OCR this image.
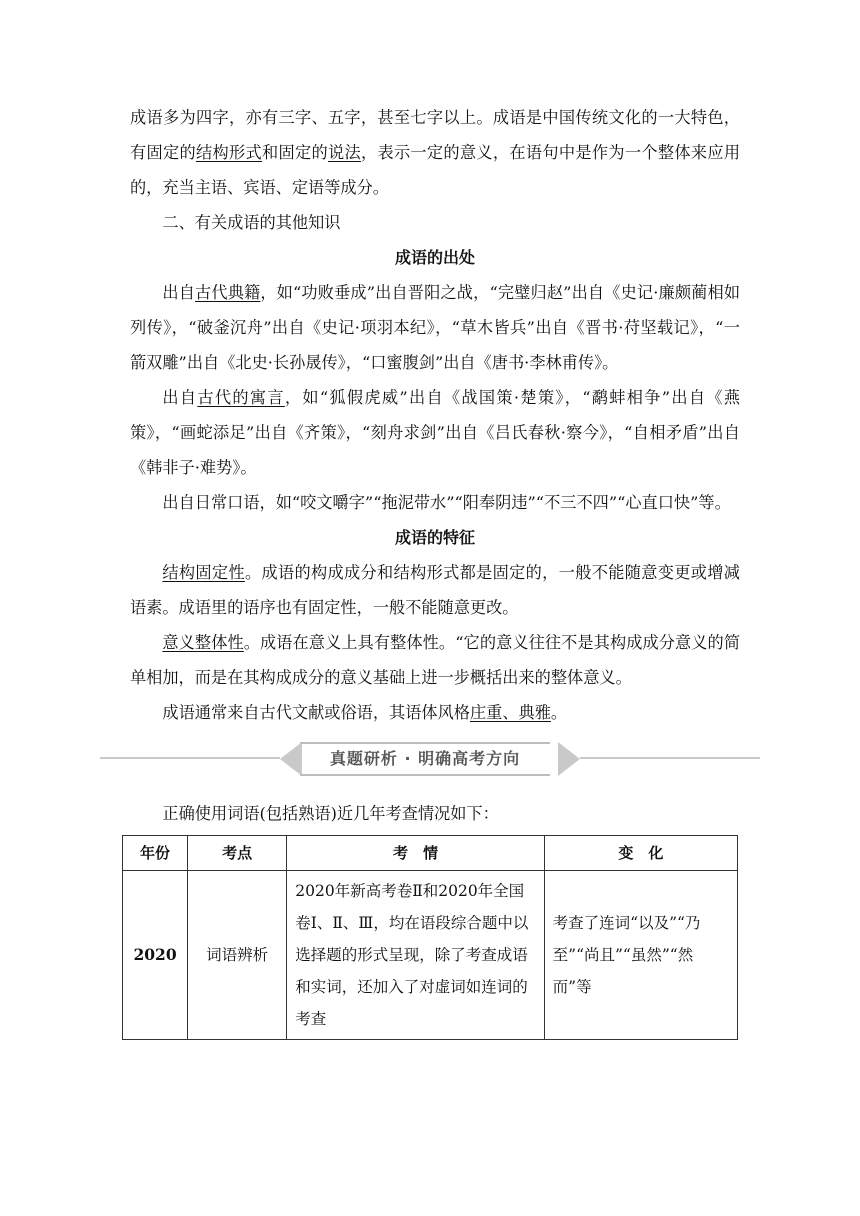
成语多为四字，亦有三字、五字，甚至七字以上。成语是中国传统文化的一大特色，有固定的结构形式和固定的说法，表示一定的意义，在语句中是作为一个整体来应用的，充当主语、宾语、定语等成分。

二、有关成语的其他知识

成语的出处

出自古代典籍，如“功败垂成”出自晋阳之战，“完璧归赵”出自《史记·廉颇蔺相如列传》，“破釜沉舟”出自《史记·项羽本纪》，“草木皆兵”出自《晋书·苻坚载记》，“一箭双雕”出自《北史·长孙晟传》，“口蜜腹剑”出自《唐书·李林甫传》。

出自古代的寓言，如“狐假虎威”出自《战国策·楚策》，“鹬蚌相争”出自《燕策》，“画蛇添足”出自《齐策》，“刻舟求剑”出自《吕氏春秋·察今》，“自相矛盾”出自《韩非子·难势》。

出自日常口语，如“咬文嚼字”“拖泥带水”“阳奉阴违”“不三不四”“心直口快”等。

成语的特征

结构固定性。成语的构成成分和结构形式都是固定的，一般不能随意变更或增减语素。成语里的语序也有固定性，一般不能随意更改。

意义整体性。成语在意义上具有整体性。“它的意义往往不是其构成成分意义的简单相加，而是在其构成成分的意义基础上进一步概括出来的整体意义。

成语通常来自古代文献或俗语，其语体风格庄重、典雅。

真题研析 · 明确高考方向

正确使用词语(包括熟语)近几年考查情况如下：

年份	考点	考　情	变　化
2020	词语辨析	2020年新高考卷Ⅱ和2020年全国卷Ⅰ、Ⅱ、Ⅲ，均在语段综合题中以选择题的形式呈现，除了考查成语和实词，还加入了对虚词如连词的考查	考查了连词“以及”“乃至”“尚且”“虽然”“然而”等
